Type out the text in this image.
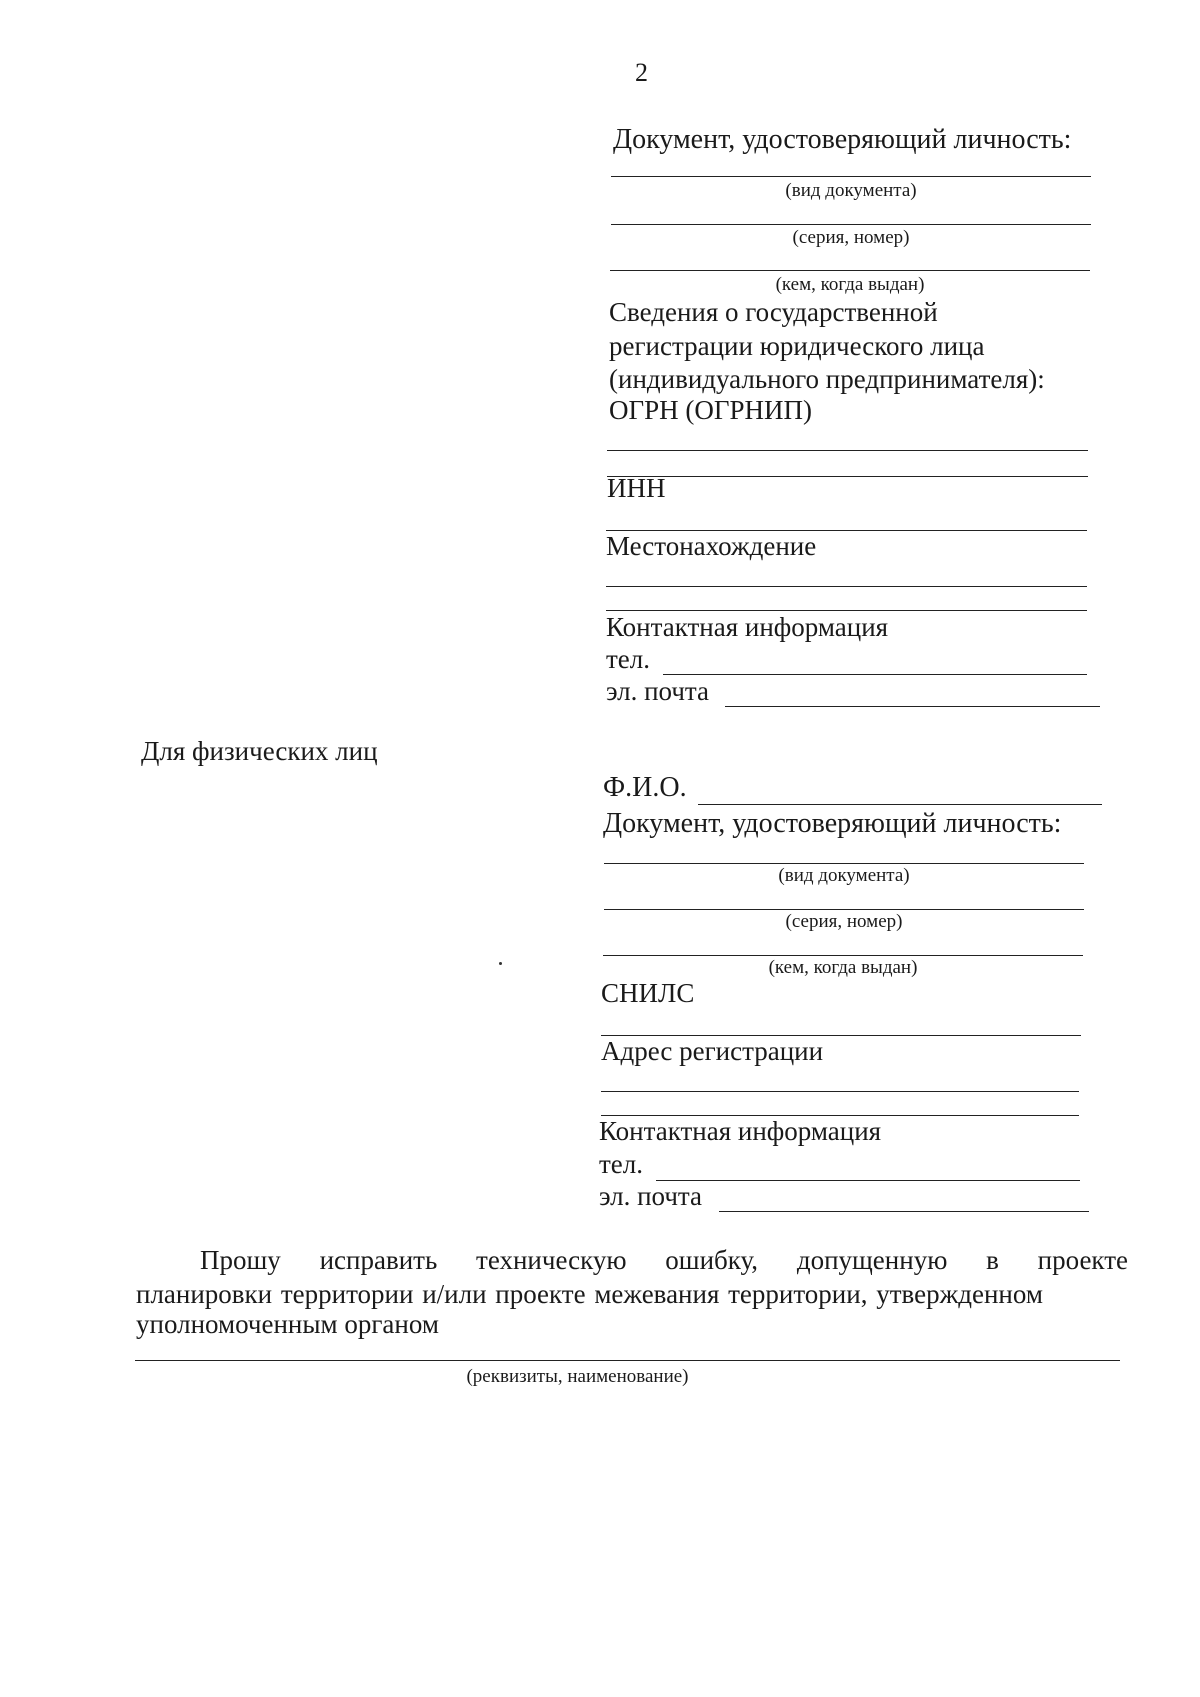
2
Документ, удостоверяющий личность:
(вид документа)
(серия, номер)
(кем, когда выдан)
Сведения о государственной
регистрации юридического лица
(индивидуального предпринимателя):
ОГРН (ОГРНИП)
ИНН
Местонахождение
Контактная информация
тел.
эл. почта
Для физических лиц
Ф.И.О.
Документ, удостоверяющий личность:
(вид документа)
(серия, номер)
(кем, когда выдан)
СНИЛС
Адрес регистрации
Контактная информация
тел.
эл. почта
Прошу исправить техническую ошибку, допущенную в проекте
планировки территории и/или проекте межевания территории, утвержденном
уполномоченным органом
(реквизиты, наименование)
